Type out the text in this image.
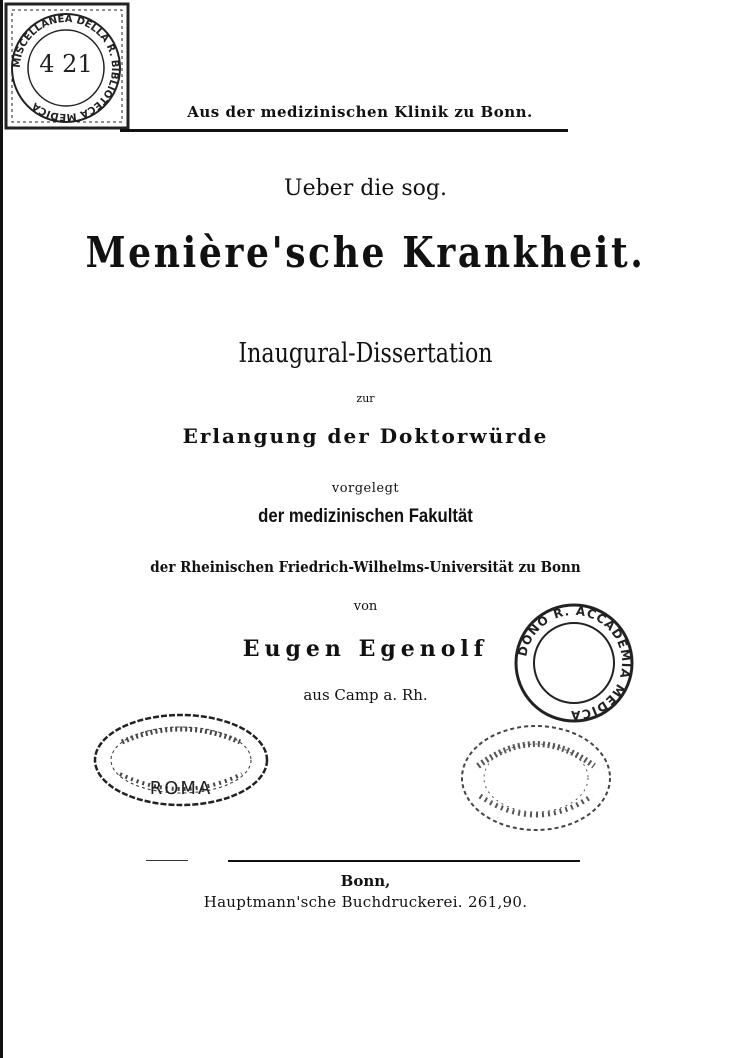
MISCELLANEA DELLA R. BIBLIOTECA MEDICA
4 21
Aus der medizinischen Klinik zu Bonn.
Ueber die sog.
Menière'sche Krankheit.
Inaugural-Dissertation
zur
Erlangung der Doktorwürde
vorgelegt
der medizinischen Fakultät
der Rheinischen Friedrich-Wilhelms-Universität zu Bonn
von
Eugen Egenolf
aus Camp a. Rh.
DONO R. ACCADEMIA MEDICA
ROMA
Bonn,
Hauptmann'sche Buchdruckerei. 261,90.
